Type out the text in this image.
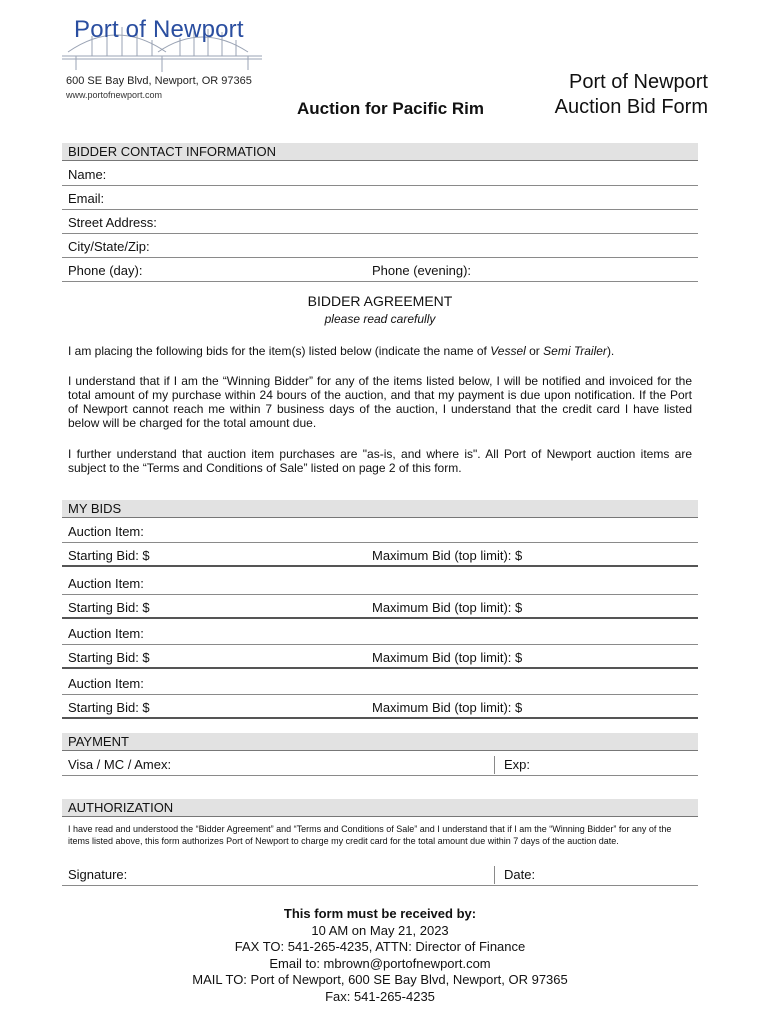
Port of Newport
600 SE Bay Blvd, Newport, OR 97365
www.portofnewport.com
Auction for Pacific Rim
Port of Newport
Auction Bid Form
BIDDER CONTACT INFORMATION
Name:
Email:
Street Address:
City/State/Zip:
Phone (day):	Phone (evening):
BIDDER AGREEMENT
please read carefully
I am placing the following bids for the item(s) listed below (indicate the name of Vessel or Semi Trailer).
I understand that if I am the “Winning Bidder” for any of the items listed below, I will be notified and invoiced for the total amount of my purchase within 24 bours of the auction, and that my payment is due upon notification. If the Port of Newport cannot reach me within 7 business days of the auction, I understand that the credit card I have listed below will be charged for the total amount due.
I further understand that auction item purchases are "as-is, and where is". All Port of Newport auction items are subject to the “Terms and Conditions of Sale” listed on page 2 of this form.
MY BIDS
Auction Item:
Starting Bid: $	Maximum Bid (top limit): $
Auction Item:
Starting Bid: $	Maximum Bid (top limit): $
Auction Item:
Starting Bid: $	Maximum Bid (top limit): $
Auction Item:
Starting Bid: $	Maximum Bid (top limit): $
PAYMENT
Visa / MC / Amex:	Exp:
AUTHORIZATION
I have read and understood the “Bidder Agreement” and “Terms and Conditions of Sale” and I understand that if I am the “Winning Bidder” for any of the items listed above, this form authorizes Port of Newport to charge my credit card for the total amount due within 7 days of the auction date.
Signature:	Date:
This form must be received by:
10 AM on May 21, 2023
FAX TO: 541-265-4235, ATTN: Director of Finance
Email to: mbrown@portofnewport.com
MAIL TO: Port of Newport, 600 SE Bay Blvd, Newport, OR 97365
Fax: 541-265-4235
